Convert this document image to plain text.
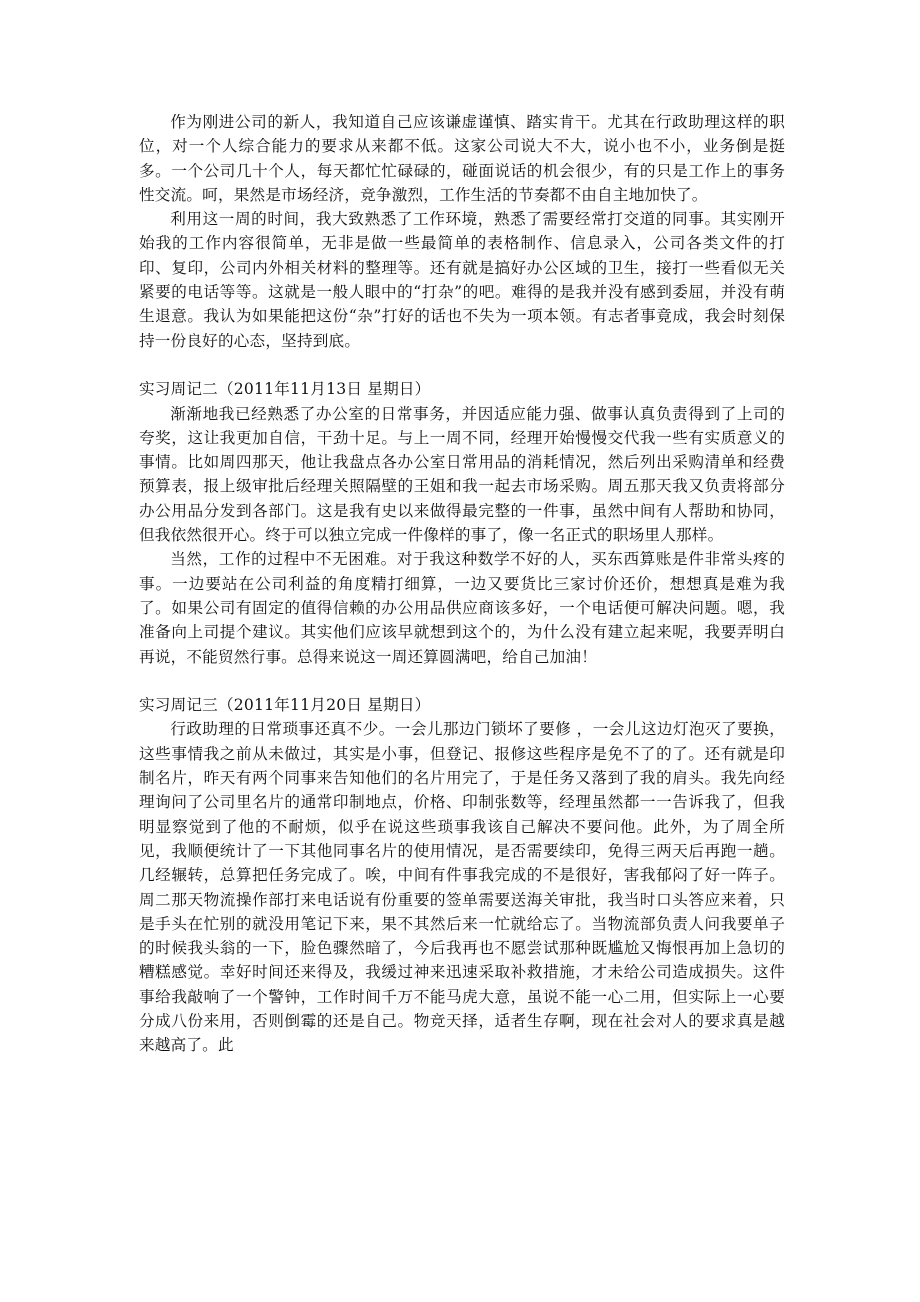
作为刚进公司的新人，我知道自己应该谦虚谨慎、踏实肯干。尤其在行政助理这样的职位，对一个人综合能力的要求从来都不低。这家公司说大不大，说小也不小，业务倒是挺多。一个公司几十个人，每天都忙忙碌碌的，碰面说话的机会很少，有的只是工作上的事务性交流。呵，果然是市场经济，竞争激烈，工作生活的节奏都不由自主地加快了。

利用这一周的时间，我大致熟悉了工作环境，熟悉了需要经常打交道的同事。其实刚开始我的工作内容很简单，无非是做一些最简单的表格制作、信息录入，公司各类文件的打印、复印，公司内外相关材料的整理等。还有就是搞好办公区域的卫生，接打一些看似无关紧要的电话等等。这就是一般人眼中的“打杂”的吧。难得的是我并没有感到委屈，并没有萌生退意。我认为如果能把这份“杂”打好的话也不失为一项本领。有志者事竟成，我会时刻保持一份良好的心态，坚持到底。

实习周记二（2011年11月13日 星期日）

渐渐地我已经熟悉了办公室的日常事务，并因适应能力强、做事认真负责得到了上司的夸奖，这让我更加自信，干劲十足。与上一周不同，经理开始慢慢交代我一些有实质意义的事情。比如周四那天，他让我盘点各办公室日常用品的消耗情况，然后列出采购清单和经费预算表，报上级审批后经理关照隔壁的王姐和我一起去市场采购。周五那天我又负责将部分办公用品分发到各部门。这是我有史以来做得最完整的一件事，虽然中间有人帮助和协同，但我依然很开心。终于可以独立完成一件像样的事了，像一名正式的职场里人那样。

当然，工作的过程中不无困难。对于我这种数学不好的人，买东西算账是件非常头疼的事。一边要站在公司利益的角度精打细算，一边又要货比三家讨价还价，想想真是难为我了。如果公司有固定的值得信赖的办公用品供应商该多好，一个电话便可解决问题。嗯，我准备向上司提个建议。其实他们应该早就想到这个的，为什么没有建立起来呢，我要弄明白再说，不能贸然行事。总得来说这一周还算圆满吧，给自己加油！

实习周记三（2011年11月20日 星期日）

行政助理的日常琐事还真不少。一会儿那边门锁坏了要修 ，一会儿这边灯泡灭了要换，这些事情我之前从未做过，其实是小事，但登记、报修这些程序是免不了的了。还有就是印制名片，昨天有两个同事来告知他们的名片用完了，于是任务又落到了我的肩头。我先向经理询问了公司里名片的通常印制地点，价格、印制张数等，经理虽然都一一告诉我了，但我明显察觉到了他的不耐烦，似乎在说这些琐事我该自己解决不要问他。此外，为了周全所见，我顺便统计了一下其他同事名片的使用情况，是否需要续印，免得三两天后再跑一趟。几经辗转，总算把任务完成了。唉，中间有件事我完成的不是很好，害我郁闷了好一阵子。周二那天物流操作部打来电话说有份重要的签单需要送海关审批，我当时口头答应来着，只是手头在忙别的就没用笔记下来，果不其然后来一忙就给忘了。当物流部负责人问我要单子的时候我头翁的一下，脸色骤然暗了，今后我再也不愿尝试那种既尴尬又悔恨再加上急切的糟糕感觉。幸好时间还来得及，我缓过神来迅速采取补救措施，才未给公司造成损失。这件事给我敲响了一个警钟，工作时间千万不能马虎大意，虽说不能一心二用，但实际上一心要分成八份来用，否则倒霉的还是自己。物竞天择，适者生存啊，现在社会对人的要求真是越来越高了。此
